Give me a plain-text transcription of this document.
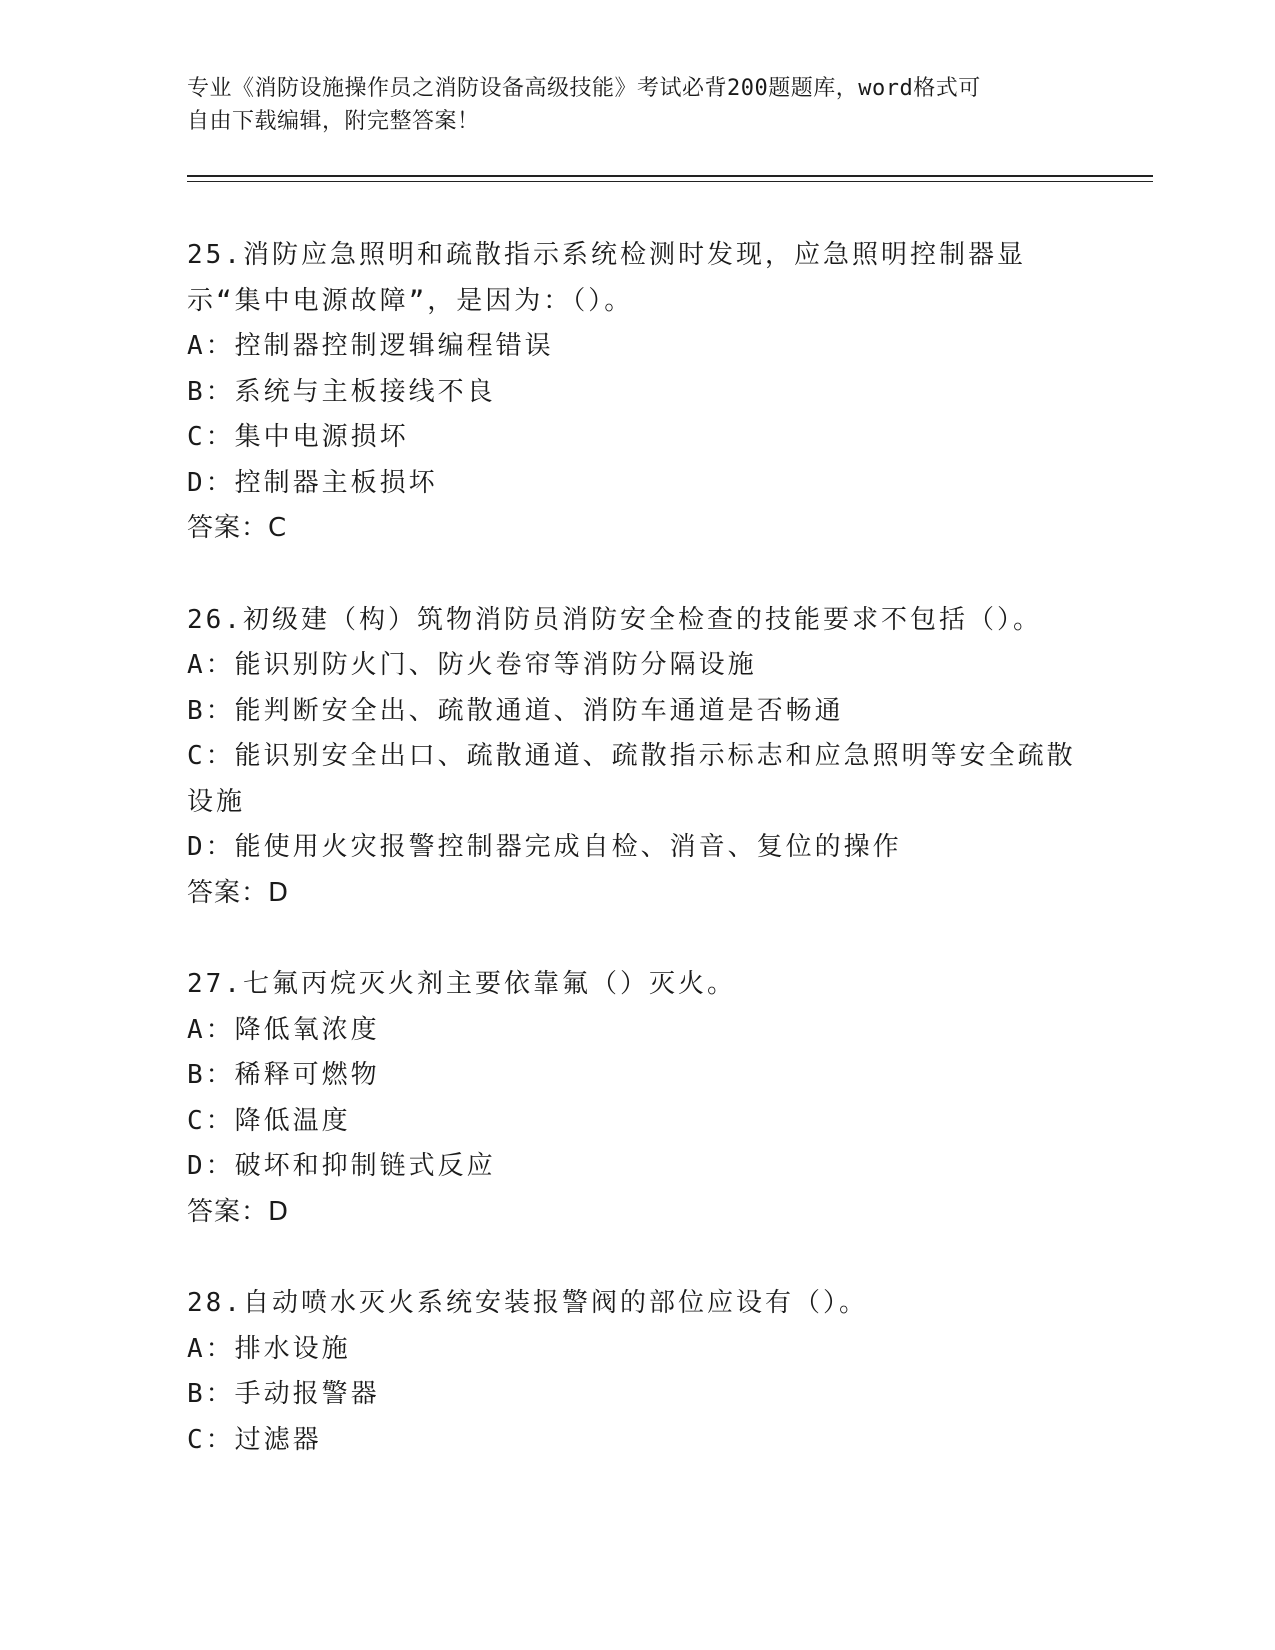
专业《消防设施操作员之消防设备高级技能》考试必背200题题库，word格式可
自由下载编辑，附完整答案！
25.消防应急照明和疏散指示系统检测时发现，应急照明控制器显示“集中电源故障”，是因为：（）。
A：控制器控制逻辑编程错误
B：系统与主板接线不良
C：集中电源损坏
D：控制器主板损坏
答案：C
26.初级建（构）筑物消防员消防安全检查的技能要求不包括（）。
A：能识别防火门、防火卷帘等消防分隔设施
B：能判断安全出、疏散通道、消防车通道是否畅通
C：能识别安全出口、疏散通道、疏散指示标志和应急照明等安全疏散设施
D：能使用火灾报警控制器完成自检、消音、复位的操作
答案：D
27.七氟丙烷灭火剂主要依靠氟（）灭火。
A：降低氧浓度
B：稀释可燃物
C：降低温度
D：破坏和抑制链式反应
答案：D
28.自动喷水灭火系统安装报警阀的部位应设有（）。
A：排水设施
B：手动报警器
C：过滤器
